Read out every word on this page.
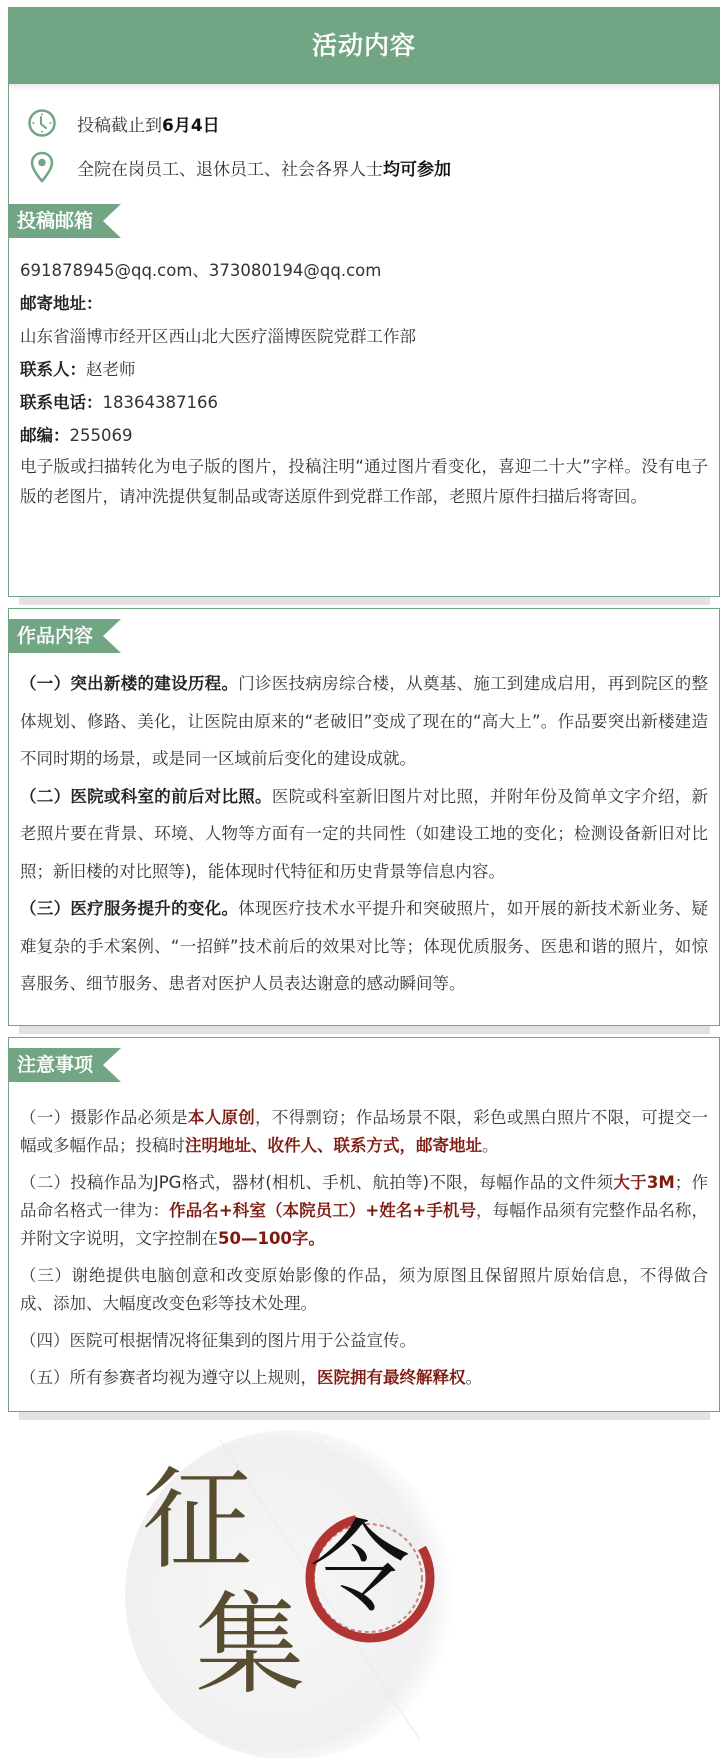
活动内容
投稿截止到6月4日
全院在岗员工、退休员工、社会各界人士均可参加
投稿邮箱
691878945@qq.com、373080194@qq.com
邮寄地址：
山东省淄博市经开区西山北大医疗淄博医院党群工作部
联系人：赵老师
联系电话：18364387166
邮编：255069
电子版或扫描转化为电子版的图片，投稿注明“通过图片看变化，喜迎二十大”字样。没有电子版的老图片，请冲洗提供复制品或寄送原件到党群工作部，老照片原件扫描后将寄回。
作品内容
（一）突出新楼的建设历程。门诊医技病房综合楼，从奠基、施工到建成启用，再到院区的整体规划、修路、美化，让医院由原来的“老破旧”变成了现在的“高大上”。作品要突出新楼建造不同时期的场景，或是同一区域前后变化的建设成就。
（二）医院或科室的前后对比照。医院或科室新旧图片对比照，并附年份及简单文字介绍，新老照片要在背景、环境、人物等方面有一定的共同性（如建设工地的变化；检测设备新旧对比照；新旧楼的对比照等)，能体现时代特征和历史背景等信息内容。
（三）医疗服务提升的变化。体现医疗技术水平提升和突破照片，如开展的新技术新业务、疑难复杂的手术案例、“一招鲜”技术前后的效果对比等；体现优质服务、医患和谐的照片，如惊喜服务、细节服务、患者对医护人员表达谢意的感动瞬间等。
注意事项
（一）摄影作品必须是本人原创，不得剽窃；作品场景不限，彩色或黑白照片不限，可提交一幅或多幅作品；投稿时注明地址、收件人、联系方式，邮寄地址。
（二）投稿作品为JPG格式，器材(相机、手机、航拍等)不限，每幅作品的文件须大于3M；作品命名格式一律为：作品名+科室（本院员工）+姓名+手机号，每幅作品须有完整作品名称，并附文字说明，文字控制在50—100字。
（三）谢绝提供电脑创意和改变原始影像的作品，须为原图且保留照片原始信息，不得做合成、添加、大幅度改变色彩等技术处理。
（四）医院可根据情况将征集到的图片用于公益宣传。
（五）所有参赛者均视为遵守以上规则，医院拥有最终解释权。
征
集
令
